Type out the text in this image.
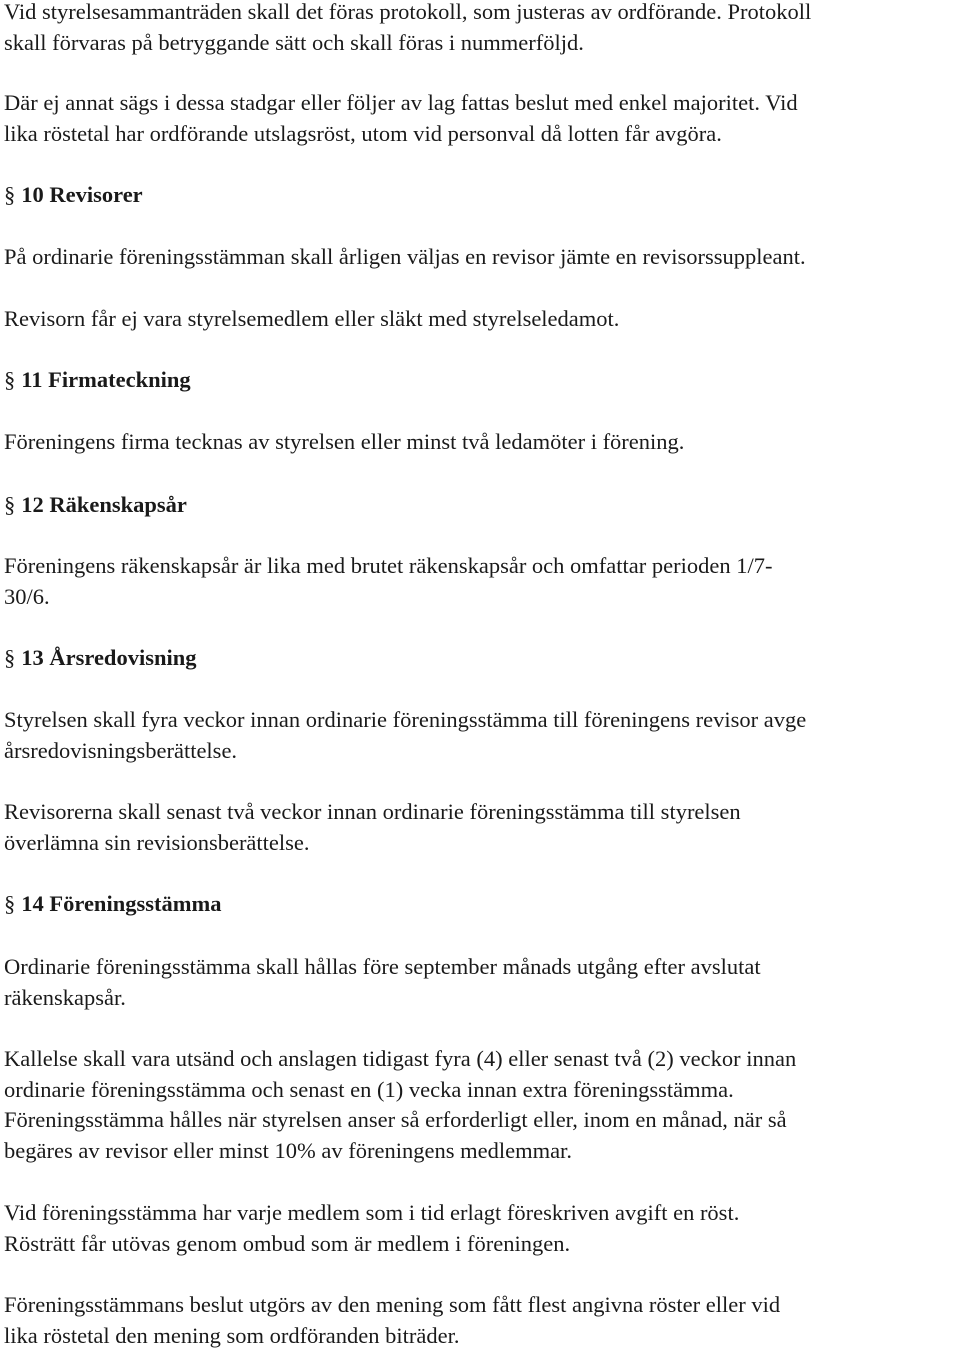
Vid styrelsesammanträden skall det föras protokoll, som justeras av ordförande. Protokoll
skall förvaras på betryggande sätt och skall föras i nummerföljd.

Där ej annat sägs i dessa stadgar eller följer av lag fattas beslut med enkel majoritet. Vid
lika röstetal har ordförande utslagsröst, utom vid personval då lotten får avgöra.

§ 10 Revisorer

På ordinarie föreningsstämman skall årligen väljas en revisor jämte en revisorssuppleant.

Revisorn får ej vara styrelsemedlem eller släkt med styrelseledamot.

§ 11 Firmateckning

Föreningens firma tecknas av styrelsen eller minst två ledamöter i förening.

§ 12 Räkenskapsår

Föreningens räkenskapsår är lika med brutet räkenskapsår och omfattar perioden 1/7-
30/6.

§ 13 Årsredovisning

Styrelsen skall fyra veckor innan ordinarie föreningsstämma till föreningens revisor avge
årsredovisningsberättelse.

Revisorerna skall senast två veckor innan ordinarie föreningsstämma till styrelsen
överlämna sin revisionsberättelse.

§ 14 Föreningsstämma

Ordinarie föreningsstämma skall hållas före september månads utgång efter avslutat
räkenskapsår.

Kallelse skall vara utsänd och anslagen tidigast fyra (4) eller senast två (2) veckor innan
ordinarie föreningsstämma och senast en (1) vecka innan extra föreningsstämma.
Föreningsstämma hålles när styrelsen anser så erforderligt eller, inom en månad, när så
begäres av revisor eller minst 10% av föreningens medlemmar.

Vid föreningsstämma har varje medlem som i tid erlagt föreskriven avgift en röst.
Rösträtt får utövas genom ombud som är medlem i föreningen.

Föreningsstämmans beslut utgörs av den mening som fått flest angivna röster eller vid
lika röstetal den mening som ordföranden biträder.
